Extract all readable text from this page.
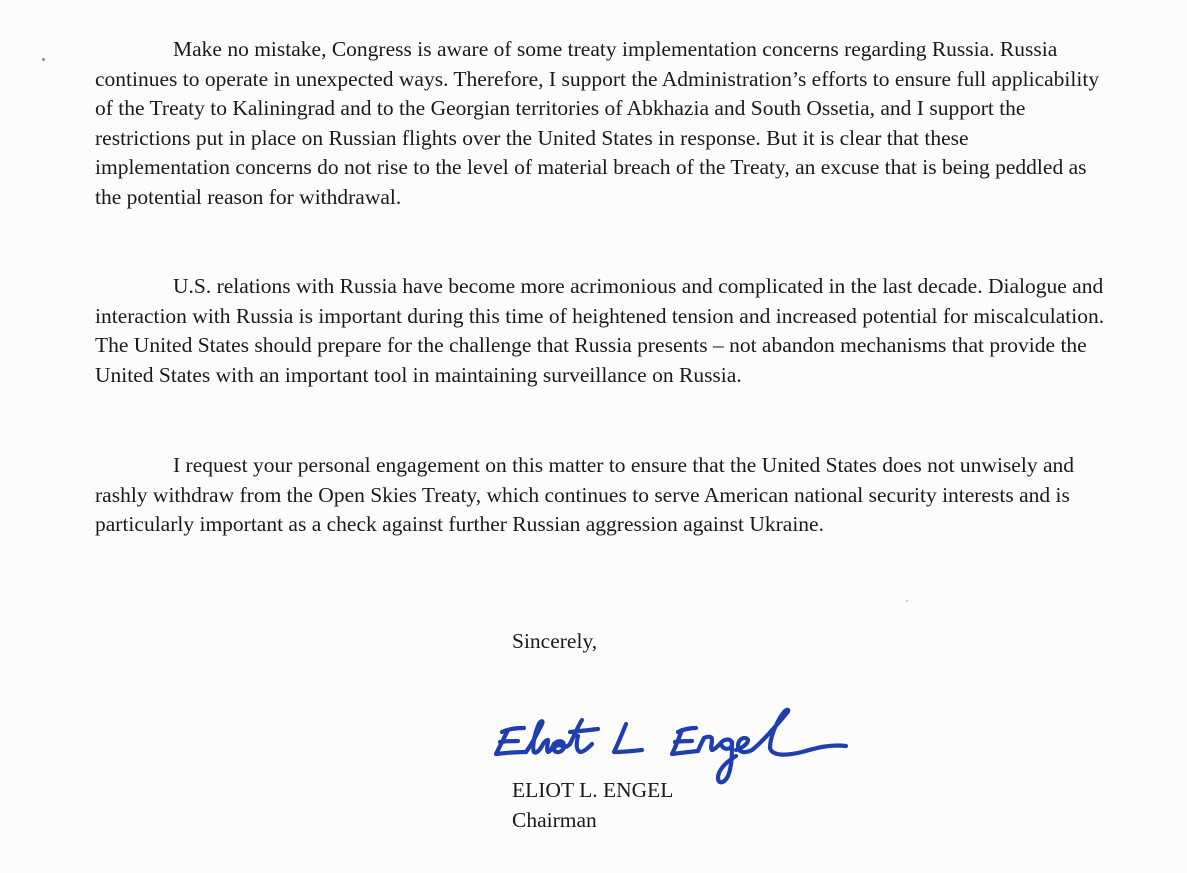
Make no mistake, Congress is aware of some treaty implementation concerns regarding Russia. Russia continues to operate in unexpected ways. Therefore, I support the Administration’s efforts to ensure full applicability of the Treaty to Kaliningrad and to the Georgian territories of Abkhazia and South Ossetia, and I support the restrictions put in place on Russian flights over the United States in response. But it is clear that these implementation concerns do not rise to the level of material breach of the Treaty, an excuse that is being peddled as the potential reason for withdrawal.

U.S. relations with Russia have become more acrimonious and complicated in the last decade. Dialogue and interaction with Russia is important during this time of heightened tension and increased potential for miscalculation. The United States should prepare for the challenge that Russia presents – not abandon mechanisms that provide the United States with an important tool in maintaining surveillance on Russia.

I request your personal engagement on this matter to ensure that the United States does not unwisely and rashly withdraw from the Open Skies Treaty, which continues to serve American national security interests and is particularly important as a check against further Russian aggression against Ukraine.

Sincerely,

ELIOT L. ENGEL

Chairman
